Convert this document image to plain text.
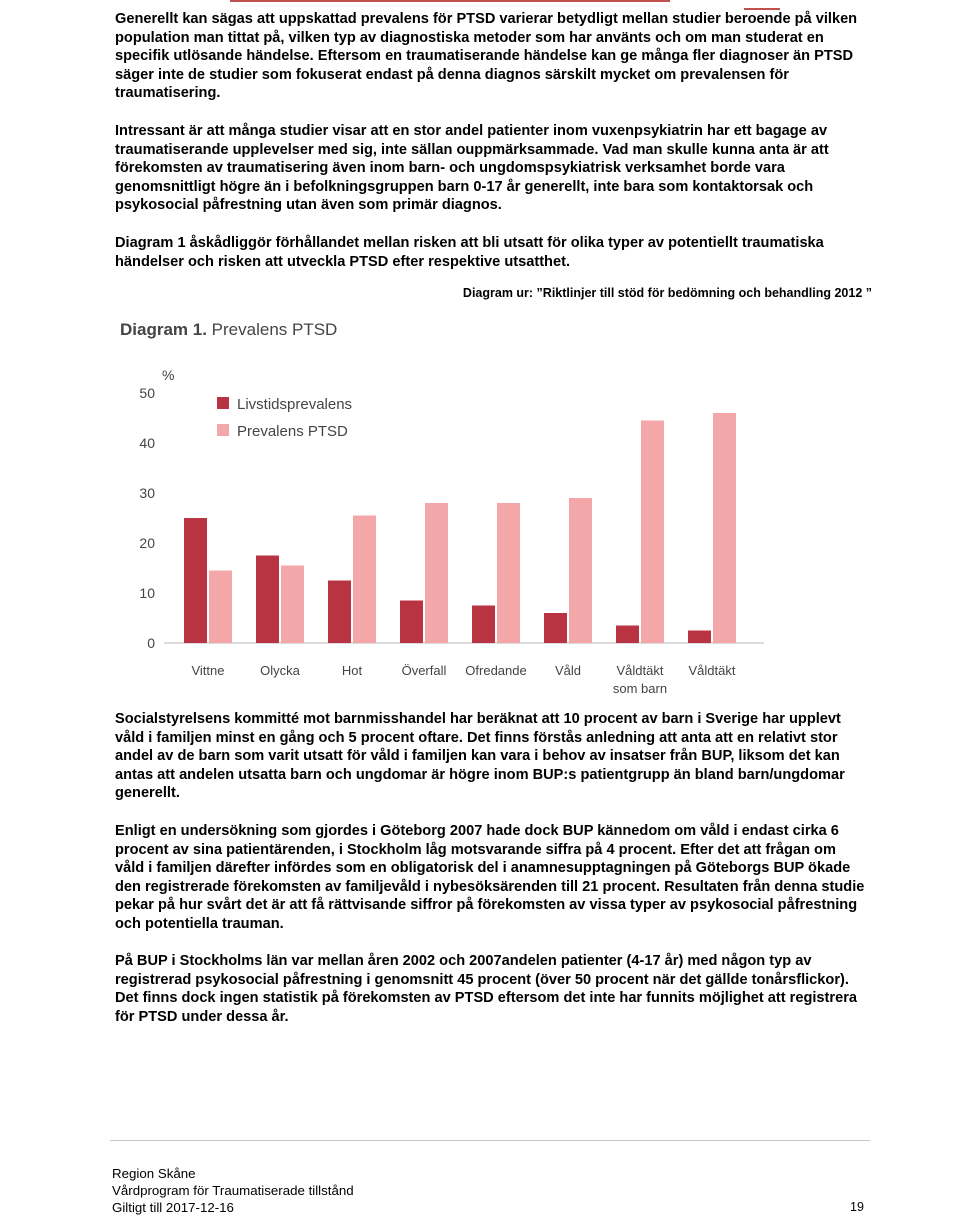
Generellt kan sägas att uppskattad prevalens för PTSD varierar betydligt mellan studier beroende på vilken population man tittat på, vilken typ av diagnostiska metoder som har använts och om man studerat en specifik utlösande händelse. Eftersom en traumatiserande händelse kan ge många fler diagnoser än PTSD säger inte de studier som fokuserat endast på denna diagnos särskilt mycket om prevalensen för traumatisering.

Intressant är att många studier visar att en stor andel patienter inom vuxenpsykiatrin har ett bagage av traumatiserande upplevelser med sig, inte sällan ouppmärksammade. Vad man skulle kunna anta är att förekomsten av traumatisering även inom barn- och ungdomspsykiatrisk verksamhet borde vara genomsnittligt högre än i befolkningsgruppen barn 0-17 år generellt, inte bara som kontaktorsak och psykosocial påfrestning utan även som primär diagnos.

Diagram 1 åskådliggör förhållandet mellan risken att bli utsatt för olika typer av potentiellt traumatiska händelser och risken att utveckla PTSD efter respektive utsatthet.

Diagram ur: ”Riktlinjer till stöd för bedömning och behandling 2012 ”
Diagram 1. Prevalens PTSD
%
0
10
20
30
40
50
Vittne	Olycka	Hot	Överfall Ofredande Våld	Våldtäkt
som barn
Våldtäkt
Livstidsprevalens
Prevalens PTSD

Socialstyrelsens kommitté mot barnmisshandel har beräknat att 10 procent av barn i Sverige har upplevt våld i familjen minst en gång och 5 procent oftare. Det finns förstås anledning att anta att en relativt stor andel av de barn som varit utsatt för våld i familjen kan vara i behov av insatser från BUP, liksom det kan antas att andelen utsatta barn och ungdomar är högre inom BUP:s patientgrupp än bland barn/ungdomar generellt.

Enligt en undersökning som gjordes i Göteborg 2007 hade dock BUP kännedom om våld i endast cirka 6 procent av sina patientärenden, i Stockholm låg motsvarande siffra på 4 procent. Efter det att frågan om våld i familjen därefter infördes som en obligatorisk del i anamnesupptagningen på Göteborgs BUP ökade den registrerade förekomsten av familjevåld i nybesöksärenden till 21 procent. Resultaten från denna studie pekar på hur svårt det är att få rättvisande siffror på förekomsten av vissa typer av psykosocial påfrestning och potentiella trauman.

På BUP i Stockholms län var mellan åren 2002 och 2007andelen patienter (4-17 år) med någon typ av registrerad psykosocial påfrestning i genomsnitt 45 procent (över 50 procent när det gällde tonårsflickor). Det finns dock ingen statistik på förekomsten av PTSD eftersom det inte har funnits möjlighet att registrera för PTSD under dessa år.

Region Skåne
Vårdprogram för Traumatiserade tillstånd
Giltigt till 2017-12-16	19
